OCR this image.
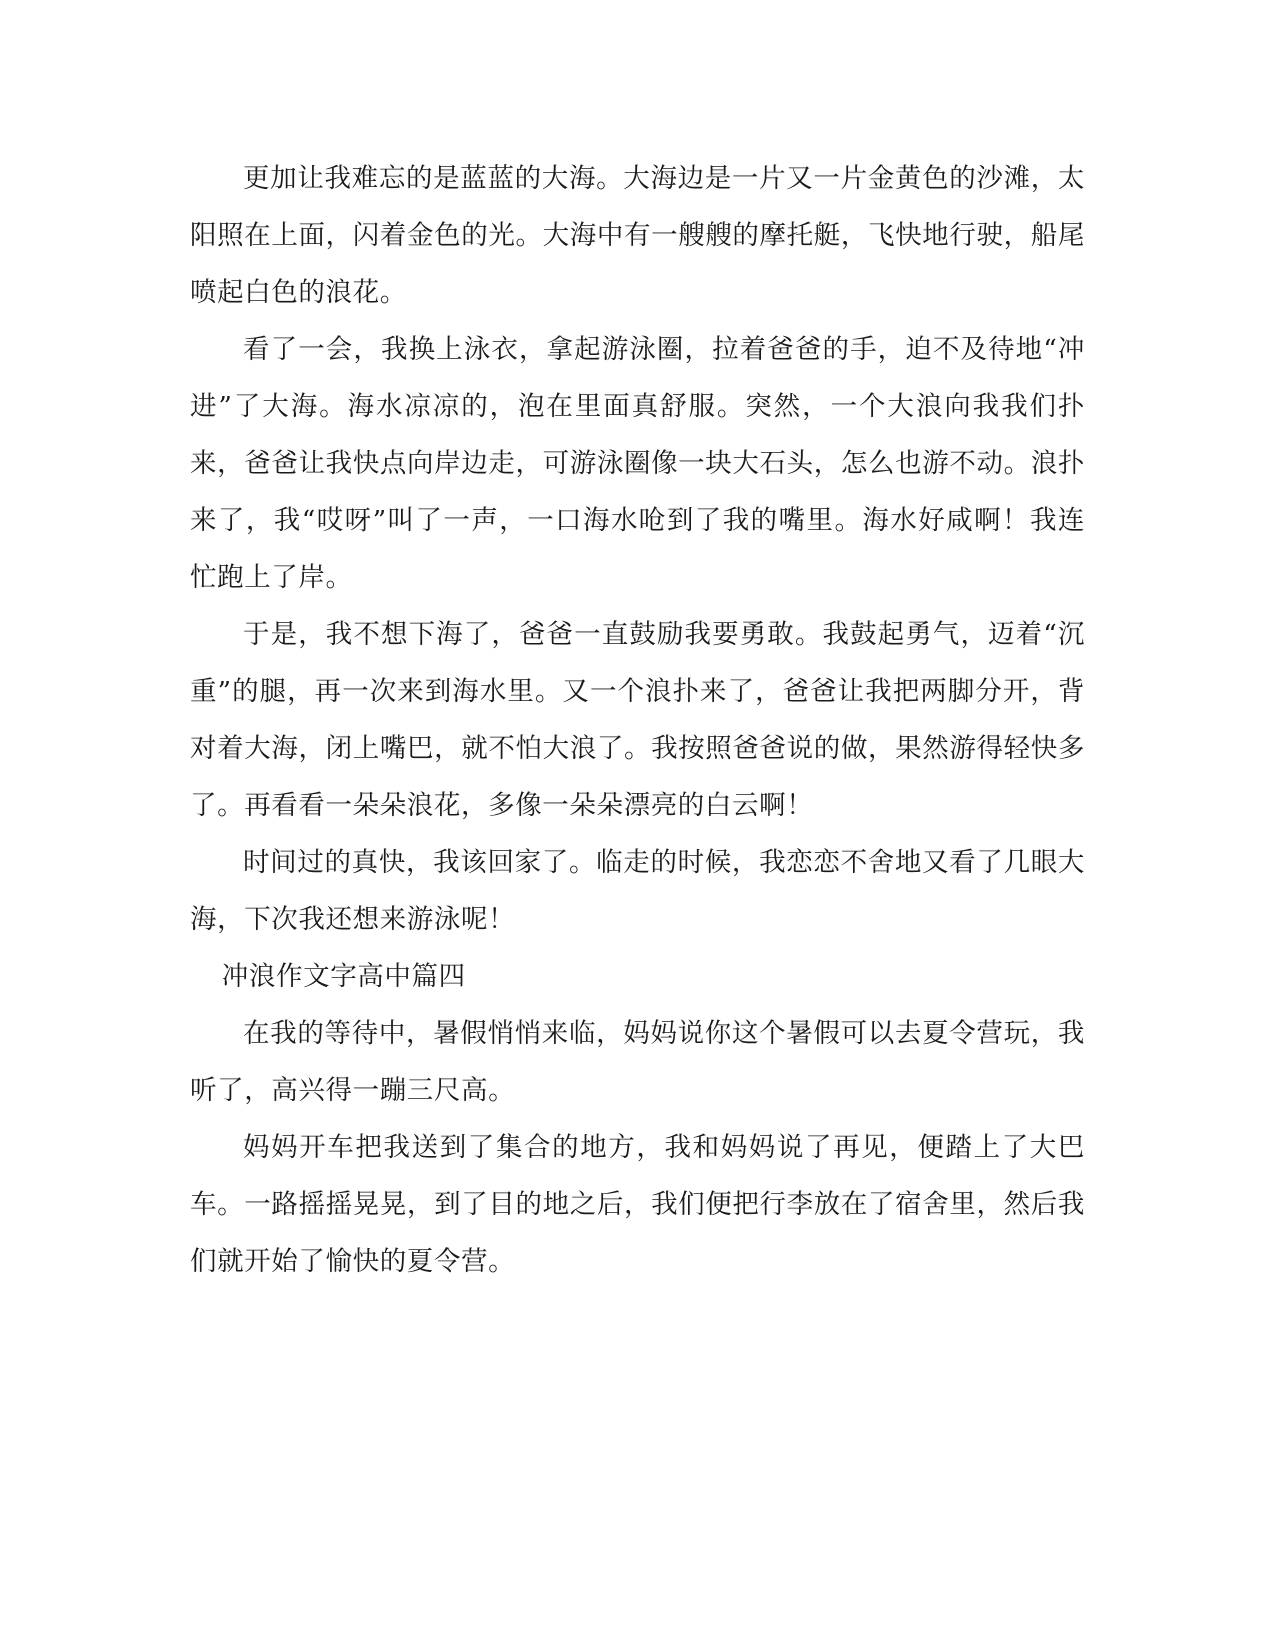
更加让我难忘的是蓝蓝的大海。大海边是一片又一片金黄色的沙滩，太阳照在上面，闪着金色的光。大海中有一艘艘的摩托艇，飞快地行驶，船尾喷起白色的浪花。

看了一会，我换上泳衣，拿起游泳圈，拉着爸爸的手，迫不及待地“冲进”了大海。海水凉凉的，泡在里面真舒服。突然，一个大浪向我我们扑来，爸爸让我快点向岸边走，可游泳圈像一块大石头，怎么也游不动。浪扑来了，我“哎呀”叫了一声，一口海水呛到了我的嘴里。海水好咸啊！我连忙跑上了岸。

于是，我不想下海了，爸爸一直鼓励我要勇敢。我鼓起勇气，迈着“沉重”的腿，再一次来到海水里。又一个浪扑来了，爸爸让我把两脚分开，背对着大海，闭上嘴巴，就不怕大浪了。我按照爸爸说的做，果然游得轻快多了。再看看一朵朵浪花，多像一朵朵漂亮的白云啊！

时间过的真快，我该回家了。临走的时候，我恋恋不舍地又看了几眼大海，下次我还想来游泳呢！

冲浪作文字高中篇四

在我的等待中，暑假悄悄来临，妈妈说你这个暑假可以去夏令营玩，我听了，高兴得一蹦三尺高。

妈妈开车把我送到了集合的地方，我和妈妈说了再见，便踏上了大巴车。一路摇摇晃晃，到了目的地之后，我们便把行李放在了宿舍里，然后我们就开始了愉快的夏令营。
